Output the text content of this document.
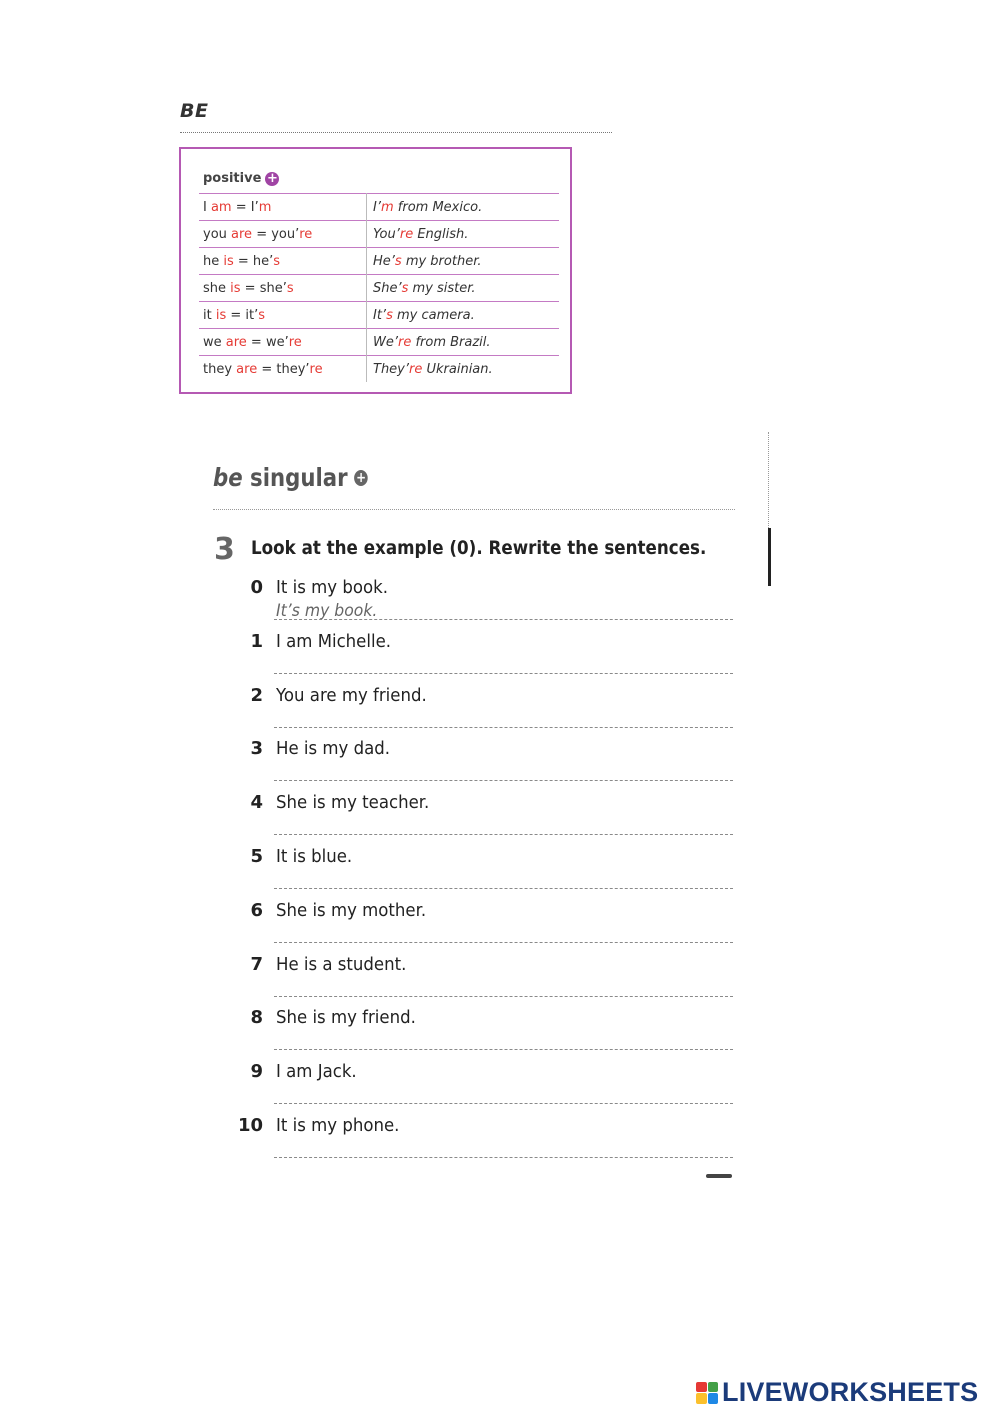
BE
positive +
I am = I’m	I’m from Mexico.
you are = you’re	You’re English.
he is = he’s	He’s my brother.
she is = she’s	She’s my sister.
it is = it’s	It’s my camera.
we are = we’re	We’re from Brazil.
they are = they’re	They’re Ukrainian.
be singular +
3 Look at the example (0). Rewrite the sentences.
0 It is my book.
It’s my book.
1 I am Michelle.
2 You are my friend.
3 He is my dad.
4 She is my teacher.
5 It is blue.
6 She is my mother.
7 He is a student.
8 She is my friend.
9 I am Jack.
10 It is my phone.
LIVEWORKSHEETS
